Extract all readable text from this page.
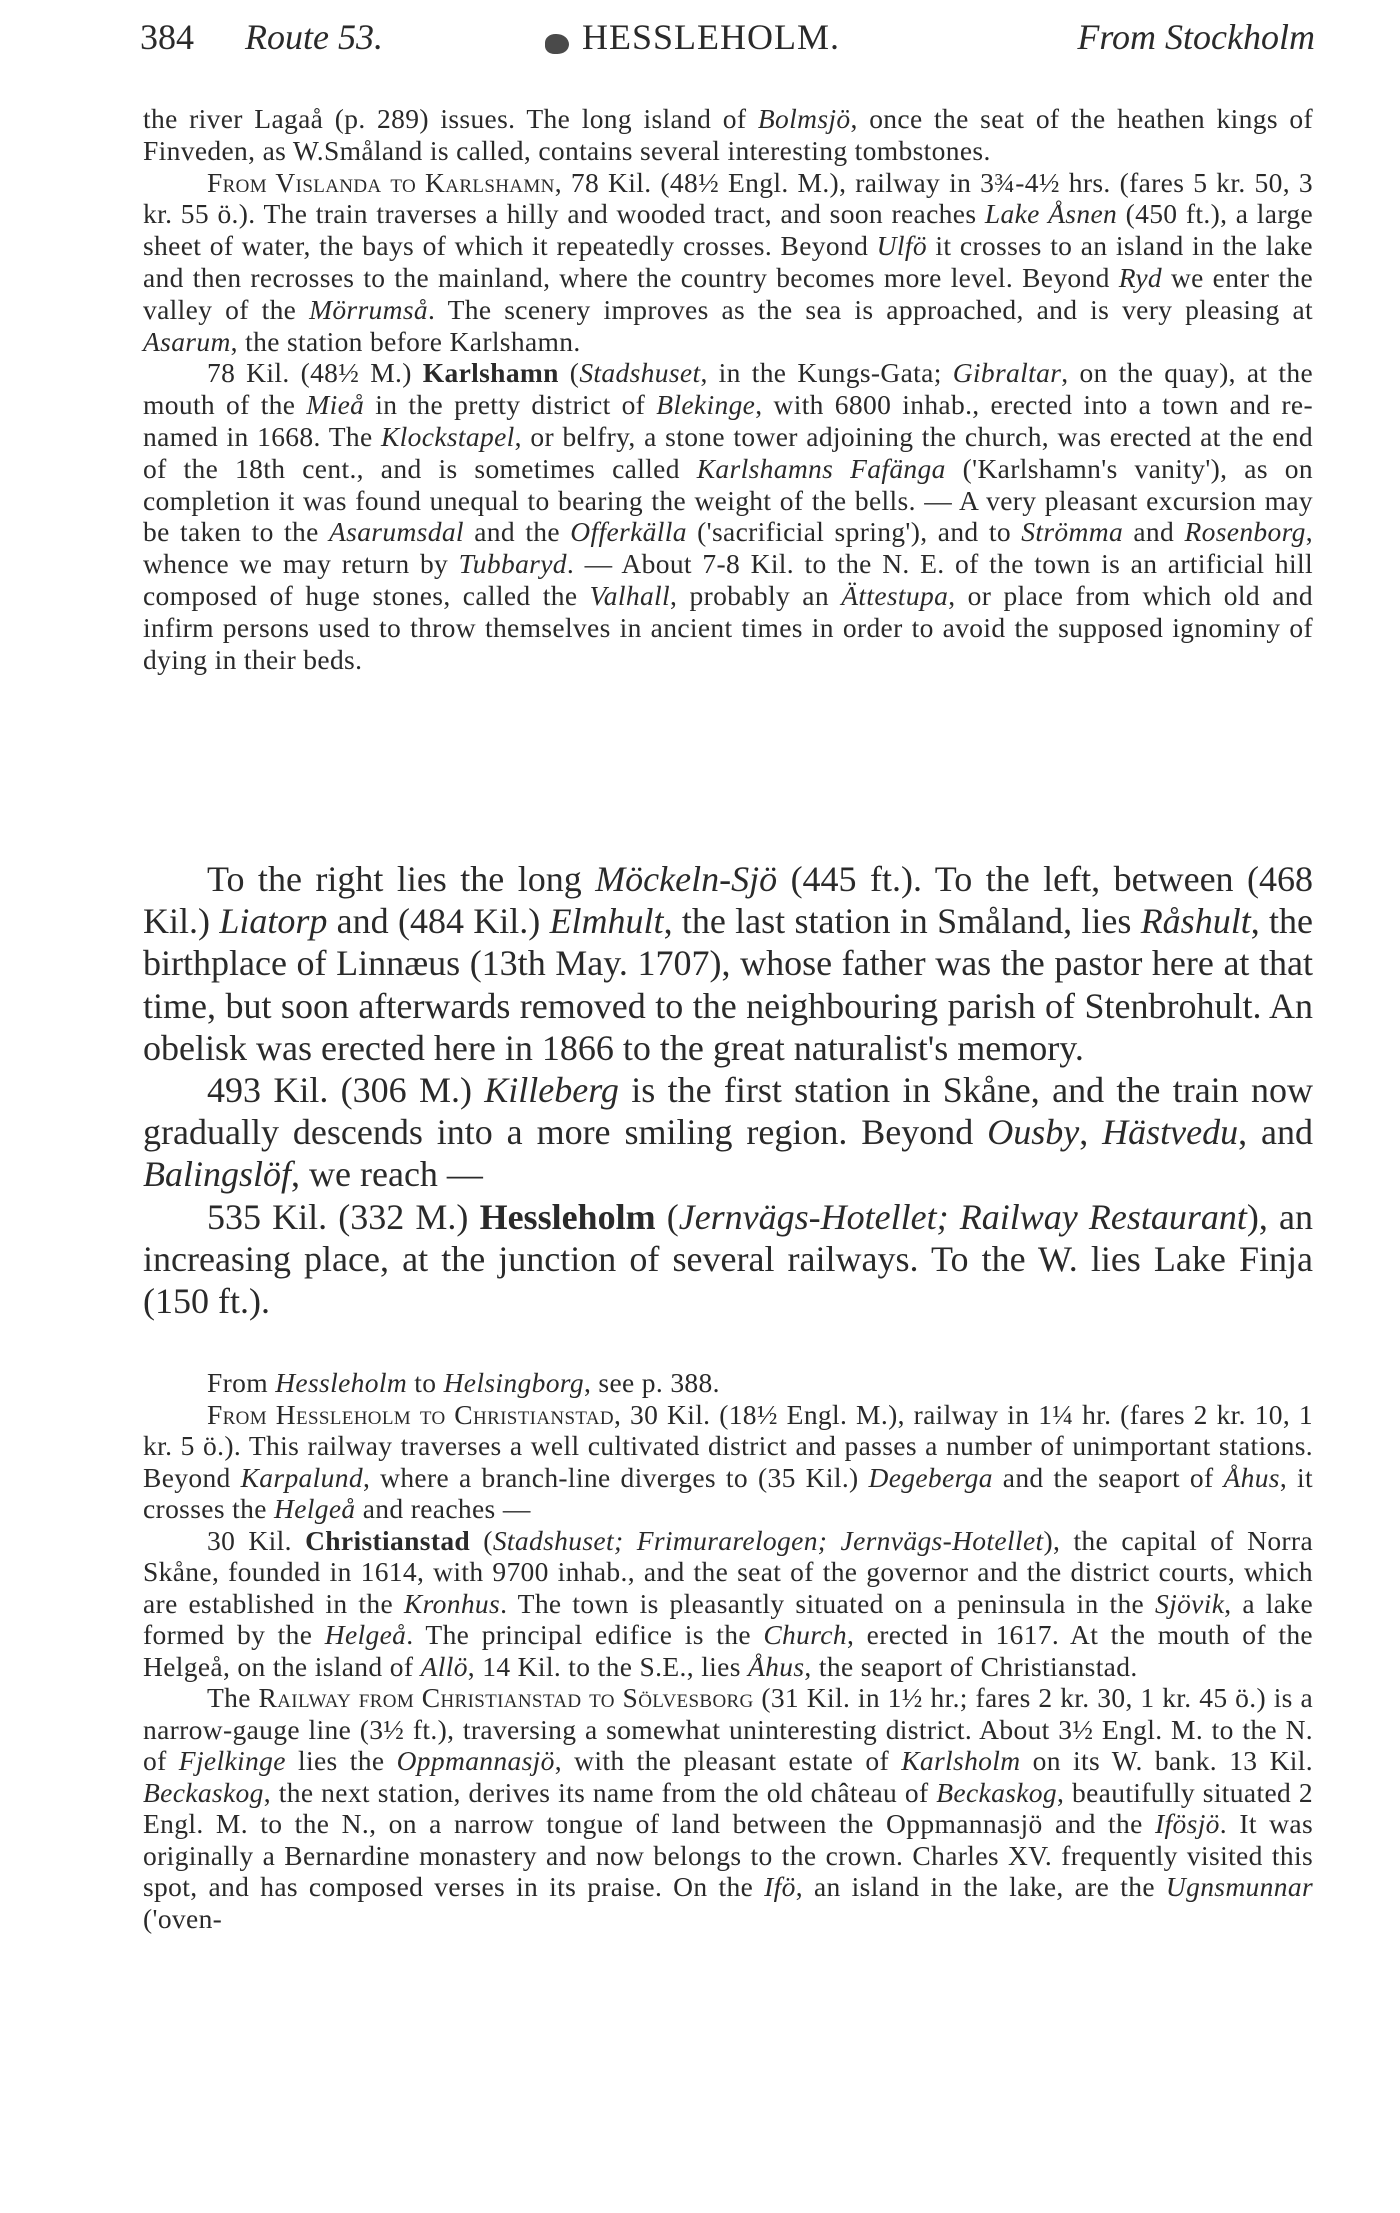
384 Route 53.	HESSLEHOLM.	From Stockholm

the river Lagaå (p. 289) issues. The long island of Bolmsjö, once the seat of the heathen kings of Finveden, as W.Småland is called, contains several interesting tombstones.

From Vislanda to Karlshamn, 78 Kil. (48½ Engl. M.), railway in 3¾-4½ hrs. (fares 5 kr. 50, 3 kr. 55 ö.). The train traverses a hilly and wooded tract, and soon reaches Lake Åsnen (450 ft.), a large sheet of water, the bays of which it repeatedly crosses. Beyond Ulfö it crosses to an island in the lake and then recrosses to the mainland, where the country becomes more level. Beyond Ryd we enter the valley of the Mörrumså. The scenery improves as the sea is approached, and is very pleasing at Asarum, the station before Karlshamn.

78 Kil. (48½ M.) Karlshamn (Stadshuset, in the Kungs-Gata; Gibraltar, on the quay), at the mouth of the Mieå in the pretty district of Blekinge, with 6800 inhab., erected into a town and re-named in 1668. The Klockstapel, or belfry, a stone tower adjoining the church, was erected at the end of the 18th cent., and is sometimes called Karlshamns Fafänga ('Karlshamn's vanity'), as on completion it was found unequal to bearing the weight of the bells. — A very pleasant excursion may be taken to the Asarumsdal and the Offerkälla ('sacrificial spring'), and to Strömma and Rosenborg, whence we may return by Tubbaryd. — About 7-8 Kil. to the N. E. of the town is an artificial hill composed of huge stones, called the Valhall, probably an Ättestupa, or place from which old and infirm persons used to throw themselves in ancient times in order to avoid the supposed ignominy of dying in their beds.

To the right lies the long Möckeln-Sjö (445 ft.). To the left, between (468 Kil.) Liatorp and (484 Kil.) Elmhult, the last station in Småland, lies Råshult, the birthplace of Linnæus (13th May. 1707), whose father was the pastor here at that time, but soon afterwards removed to the neighbouring parish of Stenbrohult. An obelisk was erected here in 1866 to the great naturalist's memory.

493 Kil. (306 M.) Killeberg is the first station in Skåne, and the train now gradually descends into a more smiling region. Beyond Ousby, Hästvedu, and Balingslöf, we reach —

535 Kil. (332 M.) Hessleholm (Jernvägs-Hotellet; Railway Restaurant), an increasing place, at the junction of several railways. To the W. lies Lake Finja (150 ft.).

From Hessleholm to Helsingborg, see p. 388.

From Hessleholm to Christianstad, 30 Kil. (18½ Engl. M.), railway in 1¼ hr. (fares 2 kr. 10, 1 kr. 5 ö.). This railway traverses a well cultivated district and passes a number of unimportant stations. Beyond Karpalund, where a branch-line diverges to (35 Kil.) Degeberga and the seaport of Åhus, it crosses the Helgeå and reaches —

30 Kil. Christianstad (Stadshuset; Frimurarelogen; Jernvägs-Hotellet), the capital of Norra Skåne, founded in 1614, with 9700 inhab., and the seat of the governor and the district courts, which are established in the Kronhus. The town is pleasantly situated on a peninsula in the Sjövik, a lake formed by the Helgeå. The principal edifice is the Church, erected in 1617. At the mouth of the Helgeå, on the island of Allö, 14 Kil. to the S.E., lies Åhus, the seaport of Christianstad.

The Railway from Christianstad to Sölvesborg (31 Kil. in 1½ hr.; fares 2 kr. 30, 1 kr. 45 ö.) is a narrow-gauge line (3½ ft.), traversing a somewhat uninteresting district. About 3½ Engl. M. to the N. of Fjelkinge lies the Oppmannasjö, with the pleasant estate of Karlsholm on its W. bank. 13 Kil. Beckaskog, the next station, derives its name from the old château of Beckaskog, beautifully situated 2 Engl. M. to the N., on a narrow tongue of land between the Oppmannasjö and the Ifösjö. It was originally a Bernardine monastery and now belongs to the crown. Charles XV. frequently visited this spot, and has composed verses in its praise. On the Ifö, an island in the lake, are the Ugnsmunnar ('oven-
